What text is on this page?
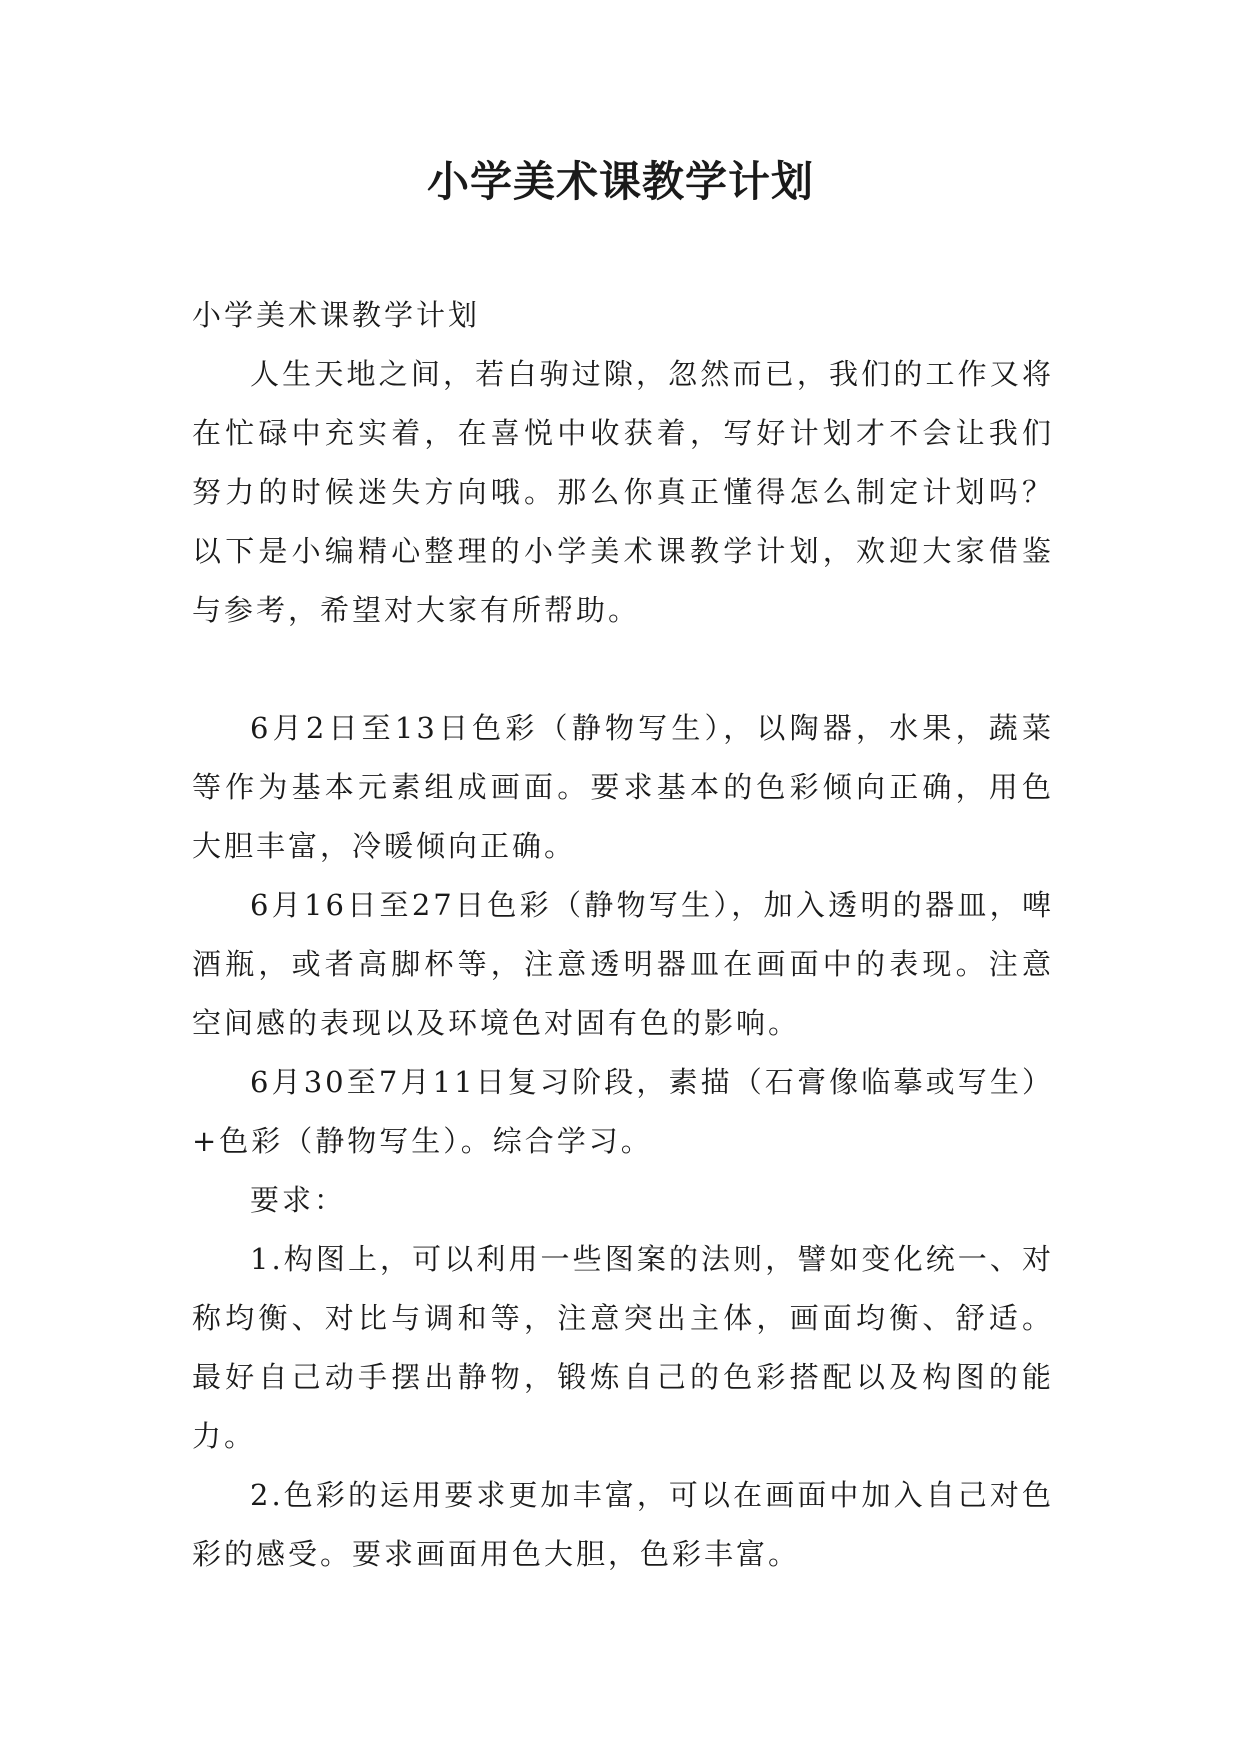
小学美术课教学计划

小学美术课教学计划

人生天地之间，若白驹过隙，忽然而已，我们的工作又将在忙碌中充实着，在喜悦中收获着，写好计划才不会让我们努力的时候迷失方向哦。那么你真正懂得怎么制定计划吗？以下是小编精心整理的小学美术课教学计划，欢迎大家借鉴与参考，希望对大家有所帮助。

6月2日至13日色彩（静物写生），以陶器，水果，蔬菜等作为基本元素组成画面。要求基本的色彩倾向正确，用色大胆丰富，冷暖倾向正确。

6月16日至27日色彩（静物写生），加入透明的器皿，啤酒瓶，或者高脚杯等，注意透明器皿在画面中的表现。注意空间感的表现以及环境色对固有色的影响。

6月30至7月11日复习阶段，素描（石膏像临摹或写生）+色彩（静物写生）。综合学习。

要求：

1.构图上，可以利用一些图案的法则，譬如变化统一、对称均衡、对比与调和等，注意突出主体，画面均衡、舒适。最好自己动手摆出静物，锻炼自己的色彩搭配以及构图的能力。

2.色彩的运用要求更加丰富，可以在画面中加入自己对色彩的感受。要求画面用色大胆，色彩丰富。
